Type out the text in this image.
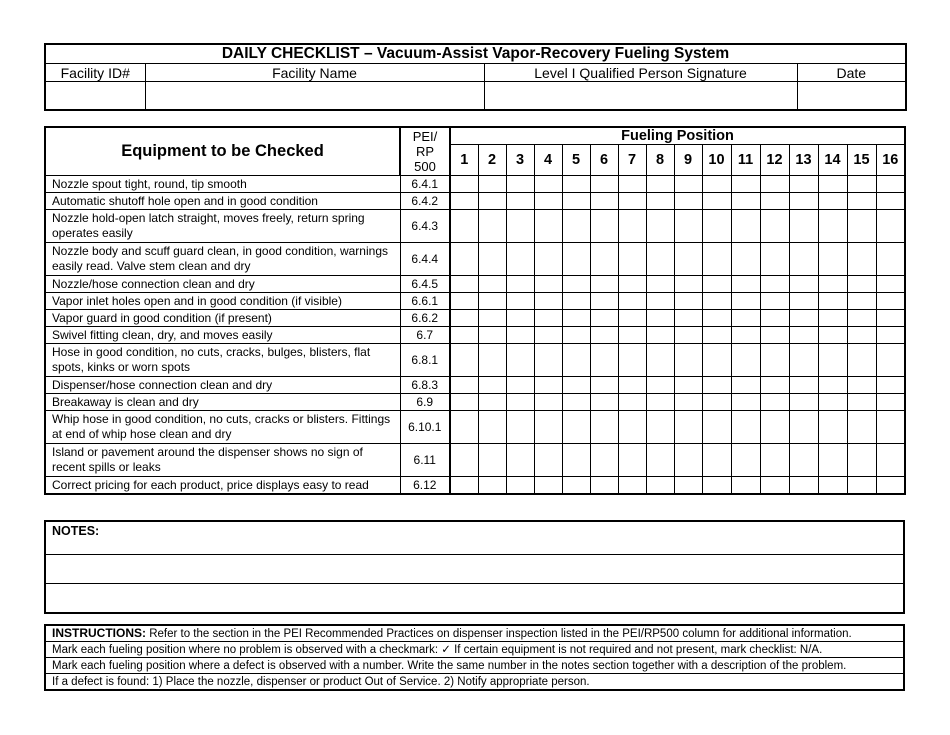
DAILY CHECKLIST – Vacuum-Assist Vapor-Recovery Fueling System			
Facility ID#	Facility Name	Level I Qualified Person Signature	Date

Equipment to be Checked	PEI/
RP
500	Fueling Position															
		1	2	3	4	5	6	7	8	9	10	11	12	13	14	15	16
Nozzle spout tight, round, tip smooth	6.4.1																
Automatic shutoff hole open and in good condition	6.4.2																
Nozzle hold-open latch straight, moves freely, return spring
operates easily	6.4.3																
Nozzle body and scuff guard clean, in good condition, warnings
easily read. Valve stem clean and dry	6.4.4																
Nozzle/hose connection clean and dry	6.4.5																
Vapor inlet holes open and in good condition (if visible)	6.6.1																
Vapor guard in good condition (if present)	6.6.2																
Swivel fitting clean, dry, and moves easily	6.7																
Hose in good condition, no cuts, cracks, bulges, blisters, flat
spots, kinks or worn spots	6.8.1																
Dispenser/hose connection clean and dry	6.8.3																
Breakaway is clean and dry	6.9																
Whip hose in good condition, no cuts, cracks or blisters. Fittings
at end of whip hose clean and dry	6.10.1																
Island or pavement around the dispenser shows no sign of
recent spills or leaks	6.11																
Correct pricing for each product, price displays easy to read	6.12																
NOTES:

INSTRUCTIONS: Refer to the section in the PEI Recommended Practices on dispenser inspection listed in the PEI/RP500 column for additional information.
Mark each fueling position where no problem is observed with a checkmark: ✓ If certain equipment is not required and not present, mark checklist: N/A.
Mark each fueling position where a defect is observed with a number. Write the same number in the notes section together with a description of the problem.
If a defect is found: 1) Place the nozzle, dispenser or product Out of Service. 2) Notify appropriate person.
